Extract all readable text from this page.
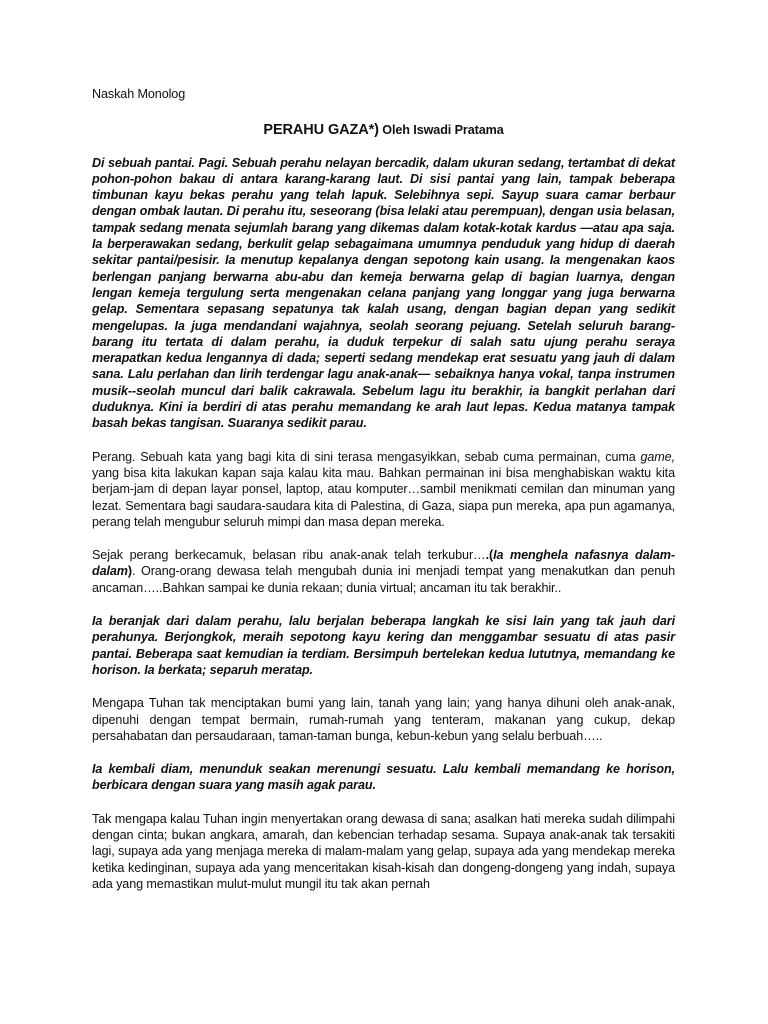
Naskah Monolog
PERAHU GAZA*) Oleh Iswadi Pratama

Di sebuah pantai. Pagi. Sebuah perahu nelayan bercadik, dalam ukuran sedang, tertambat di dekat pohon-pohon bakau di antara karang-karang laut. Di sisi pantai yang lain, tampak beberapa timbunan kayu bekas perahu yang telah lapuk. Selebihnya sepi. Sayup suara camar berbaur dengan ombak lautan. Di perahu itu, seseorang (bisa lelaki atau perempuan), dengan usia belasan, tampak sedang menata sejumlah barang yang dikemas dalam kotak-kotak kardus —atau apa saja. Ia berperawakan sedang, berkulit gelap sebagaimana umumnya penduduk yang hidup di daerah sekitar pantai/pesisir. Ia menutup kepalanya dengan sepotong kain usang. Ia mengenakan kaos berlengan panjang berwarna abu-abu dan kemeja berwarna gelap di bagian luarnya, dengan lengan kemeja tergulung serta mengenakan celana panjang yang longgar yang juga berwarna gelap. Sementara sepasang sepatunya tak kalah usang, dengan bagian depan yang sedikit mengelupas. Ia juga mendandani wajahnya, seolah seorang pejuang. Setelah seluruh barang-barang itu tertata di dalam perahu, ia duduk terpekur di salah satu ujung perahu seraya merapatkan kedua lengannya di dada; seperti sedang mendekap erat sesuatu yang jauh di dalam sana. Lalu perlahan dan lirih terdengar lagu anak-anak— sebaiknya hanya vokal, tanpa instrumen musik--seolah muncul dari balik cakrawala. Sebelum lagu itu berakhir, ia bangkit perlahan dari duduknya. Kini ia berdiri di atas perahu memandang ke arah laut lepas. Kedua matanya tampak basah bekas tangisan. Suaranya sedikit parau.

Perang. Sebuah kata yang bagi kita di sini terasa mengasyikkan, sebab cuma permainan, cuma game, yang bisa kita lakukan kapan saja kalau kita mau. Bahkan permainan ini bisa menghabiskan waktu kita berjam-jam di depan layar ponsel, laptop, atau komputer…sambil menikmati cemilan dan minuman yang lezat. Sementara bagi saudara-saudara kita di Palestina, di Gaza, siapa pun mereka, apa pun agamanya, perang telah mengubur seluruh mimpi dan masa depan mereka.

Sejak perang berkecamuk, belasan ribu anak-anak telah terkubur….(Ia menghela nafasnya dalam-dalam). Orang-orang dewasa telah mengubah dunia ini menjadi tempat yang menakutkan dan penuh ancaman…..Bahkan sampai ke dunia rekaan; dunia virtual; ancaman itu tak berakhir..

Ia beranjak dari dalam perahu, lalu berjalan beberapa langkah ke sisi lain yang tak jauh dari perahunya. Berjongkok, meraih sepotong kayu kering dan menggambar sesuatu di atas pasir pantai. Beberapa saat kemudian ia terdiam. Bersimpuh bertelekan kedua lututnya, memandang ke horison. Ia berkata; separuh meratap.

Mengapa Tuhan tak menciptakan bumi yang lain, tanah yang lain; yang hanya dihuni oleh anak-anak, dipenuhi dengan tempat bermain, rumah-rumah yang tenteram, makanan yang cukup, dekap persahabatan dan persaudaraan, taman-taman bunga, kebun-kebun yang selalu berbuah…..

Ia kembali diam, menunduk seakan merenungi sesuatu. Lalu kembali memandang ke horison, berbicara dengan suara yang masih agak parau.

Tak mengapa kalau Tuhan ingin menyertakan orang dewasa di sana; asalkan hati mereka sudah dilimpahi dengan cinta; bukan angkara, amarah, dan kebencian terhadap sesama. Supaya anak-anak tak tersakiti lagi, supaya ada yang menjaga mereka di malam-malam yang gelap, supaya ada yang mendekap mereka ketika kedinginan, supaya ada yang menceritakan kisah-kisah dan dongeng-dongeng yang indah, supaya ada yang memastikan mulut-mulut mungil itu tak akan pernah
